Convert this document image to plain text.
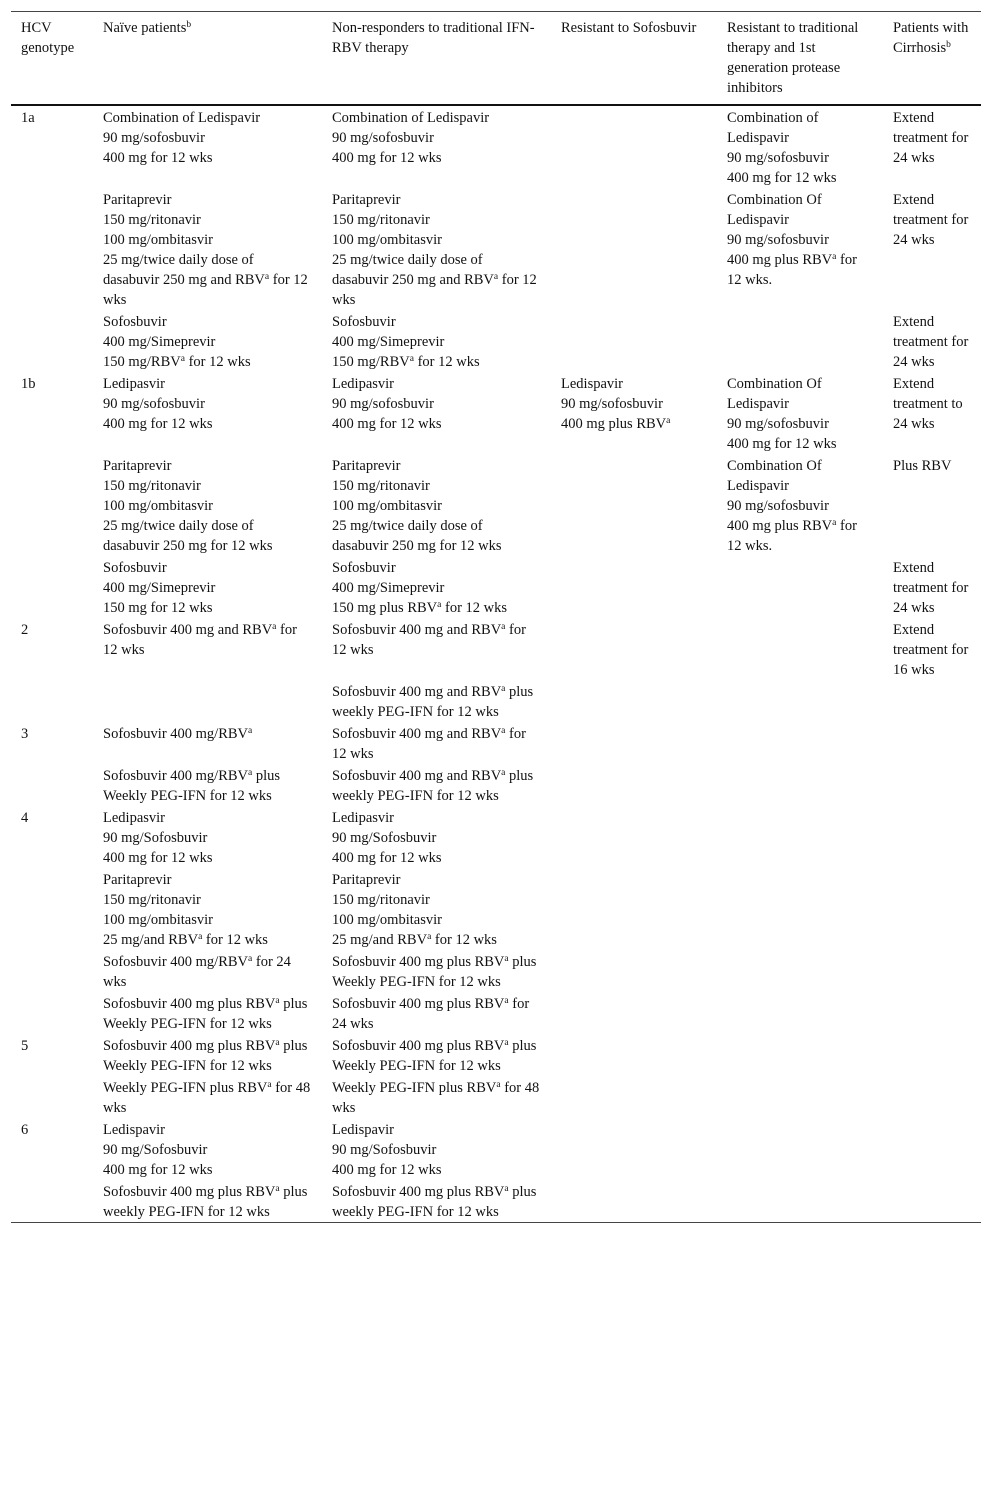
HCV genotype	Naïve patients$^b$	Non-responders to traditional IFN-RBV therapy	Resistant to Sofosbuvir	Resistant to traditional therapy and 1st generation protease inhibitors	Patients with Cirrhosis$^b$
1a	Combination of Ledispavir
90 mg/sofosbuvir
400 mg for 12 wks	Combination of Ledispavir
90 mg/sofosbuvir
400 mg for 12 wks		Combination of Ledispavir
90 mg/sofosbuvir
400 mg for 12 wks	Extend treatment for 24 wks
	Paritaprevir
150 mg/ritonavir
100 mg/ombitasvir
25 mg/twice daily dose of dasabuvir 250 mg and RBV$^a$ for 12 wks	Paritaprevir
150 mg/ritonavir
100 mg/ombitasvir
25 mg/twice daily dose of dasabuvir 250 mg and RBV$^a$ for 12 wks		Combination Of Ledispavir
90 mg/sofosbuvir
400 mg plus RBV$^a$ for 12 wks.	Extend treatment for 24 wks
	Sofosbuvir
400 mg/Simeprevir
150 mg/RBV$^a$ for 12 wks	Sofosbuvir
400 mg/Simeprevir
150 mg/RBV$^a$ for 12 wks			Extend treatment for 24 wks
1b	Ledipasvir
90 mg/sofosbuvir
400 mg for 12 wks	Ledipasvir
90 mg/sofosbuvir
400 mg for 12 wks	Ledispavir
90 mg/sofosbuvir
400 mg plus RBV$^a$	Combination Of Ledispavir
90 mg/sofosbuvir
400 mg for 12 wks	Extend treatment to 24 wks
	Paritaprevir
150 mg/ritonavir
100 mg/ombitasvir
25 mg/twice daily dose of dasabuvir 250 mg for 12 wks	Paritaprevir
150 mg/ritonavir
100 mg/ombitasvir
25 mg/twice daily dose of dasabuvir 250 mg for 12 wks		Combination Of Ledispavir
90 mg/sofosbuvir
400 mg plus RBV$^a$ for 12 wks.	Plus RBV
	Sofosbuvir
400 mg/Simeprevir
150 mg for 12 wks	Sofosbuvir
400 mg/Simeprevir
150 mg plus RBV$^a$ for 12 wks			Extend treatment for 24 wks
2	Sofosbuvir 400 mg and RBV$^a$ for 12 wks	Sofosbuvir 400 mg and RBV$^a$ for 12 wks			Extend treatment for 16 wks
		Sofosbuvir 400 mg and RBV$^a$ plus weekly PEG-IFN for 12 wks			
3	Sofosbuvir 400 mg/RBV$^a$	Sofosbuvir 400 mg and RBV$^a$ for 12 wks			
	Sofosbuvir 400 mg/RBV$^a$ plus Weekly PEG-IFN for 12 wks	Sofosbuvir 400 mg and RBV$^a$ plus weekly PEG-IFN for 12 wks			
4	Ledipasvir
90 mg/Sofosbuvir
400 mg for 12 wks	Ledipasvir
90 mg/Sofosbuvir
400 mg for 12 wks			
	Paritaprevir
150 mg/ritonavir
100 mg/ombitasvir
25 mg/and RBV$^a$ for 12 wks	Paritaprevir
150 mg/ritonavir
100 mg/ombitasvir
25 mg/and RBV$^a$ for 12 wks			
	Sofosbuvir 400 mg/RBV$^a$ for 24 wks	Sofosbuvir 400 mg plus RBV$^a$ plus Weekly PEG-IFN for 12 wks			
	Sofosbuvir 400 mg plus RBV$^a$ plus Weekly PEG-IFN for 12 wks	Sofosbuvir 400 mg plus RBV$^a$ for 24 wks			
5	Sofosbuvir 400 mg plus RBV$^a$ plus Weekly PEG-IFN for 12 wks	Sofosbuvir 400 mg plus RBV$^a$ plus Weekly PEG-IFN for 12 wks			
	Weekly PEG-IFN plus RBV$^a$ for 48 wks	Weekly PEG-IFN plus RBV$^a$ for 48 wks			
6	Ledispavir
90 mg/Sofosbuvir
400 mg for 12 wks	Ledispavir
90 mg/Sofosbuvir
400 mg for 12 wks			
	Sofosbuvir 400 mg plus RBV$^a$ plus weekly PEG-IFN for 12 wks	Sofosbuvir 400 mg plus RBV$^a$ plus weekly PEG-IFN for 12 wks			
